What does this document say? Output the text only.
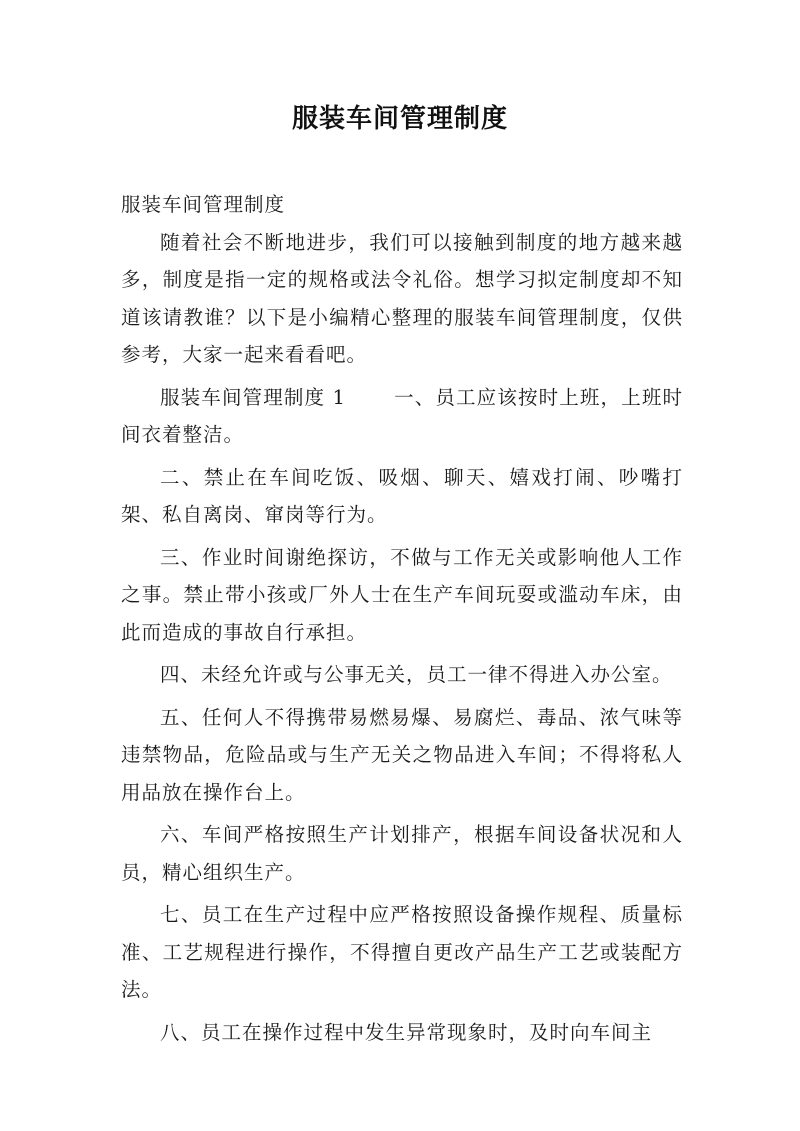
服装车间管理制度

服装车间管理制度

随着社会不断地进步，我们可以接触到制度的地方越来越多，制度是指一定的规格或法令礼俗。想学习拟定制度却不知道该请教谁？以下是小编精心整理的服装车间管理制度，仅供参考，大家一起来看看吧。

服装车间管理制度 1 一、员工应该按时上班，上班时间衣着整洁。

二、禁止在车间吃饭、吸烟、聊天、嬉戏打闹、吵嘴打架、私自离岗、窜岗等行为。

三、作业时间谢绝探访，不做与工作无关或影响他人工作之事。禁止带小孩或厂外人士在生产车间玩耍或滥动车床，由此而造成的事故自行承担。

四、未经允许或与公事无关，员工一律不得进入办公室。

五、任何人不得携带易燃易爆、易腐烂、毒品、浓气味等违禁物品，危险品或与生产无关之物品进入车间；不得将私人用品放在操作台上。

六、车间严格按照生产计划排产，根据车间设备状况和人员，精心组织生产。

七、员工在生产过程中应严格按照设备操作规程、质量标准、工艺规程进行操作，不得擅自更改产品生产工艺或装配方法。

八、员工在操作过程中发生异常现象时，及时向车间主
